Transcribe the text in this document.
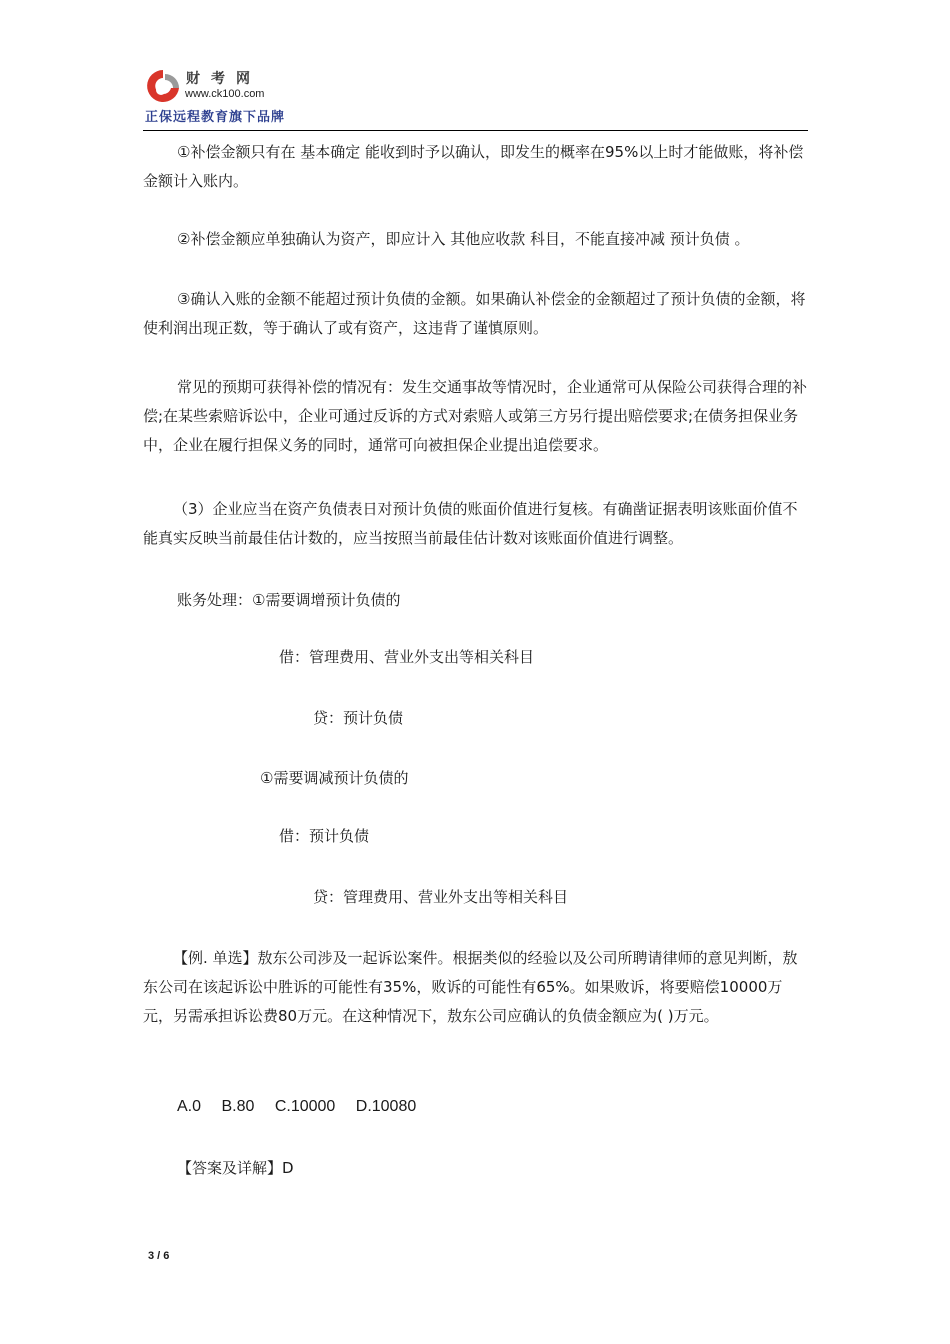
财考网
www.ck100.com
正保远程教育旗下品牌

①补偿金额只有在 基本确定 能收到时予以确认，即发生的概率在95%以上时才能做账，将补偿金额计入账内。

②补偿金额应单独确认为资产，即应计入 其他应收款 科目，不能直接冲减 预计负债 。

③确认入账的金额不能超过预计负债的金额。如果确认补偿金的金额超过了预计负债的金额，将使利润出现正数，等于确认了或有资产，这违背了谨慎原则。

常见的预期可获得补偿的情况有：发生交通事故等情况时，企业通常可从保险公司获得合理的补偿;在某些索赔诉讼中，企业可通过反诉的方式对索赔人或第三方另行提出赔偿要求;在债务担保业务中，企业在履行担保义务的同时，通常可向被担保企业提出追偿要求。

（3）企业应当在资产负债表日对预计负债的账面价值进行复核。有确凿证据表明该账面价值不能真实反映当前最佳估计数的，应当按照当前最佳估计数对该账面价值进行调整。

账务处理：①需要调增预计负债的
借：管理费用、营业外支出等相关科目
贷：预计负债
①需要调减预计负债的
借：预计负债
贷：管理费用、营业外支出等相关科目

【例. 单选】敖东公司涉及一起诉讼案件。根据类似的经验以及公司所聘请律师的意见判断，敖东公司在该起诉讼中胜诉的可能性有35%，败诉的可能性有65%。如果败诉，将要赔偿10000万元，另需承担诉讼费80万元。在这种情况下，敖东公司应确认的负债金额应为( )万元。

A.0　 B.80　 C.10000　 D.10080
【答案及详解】D
3 / 6
